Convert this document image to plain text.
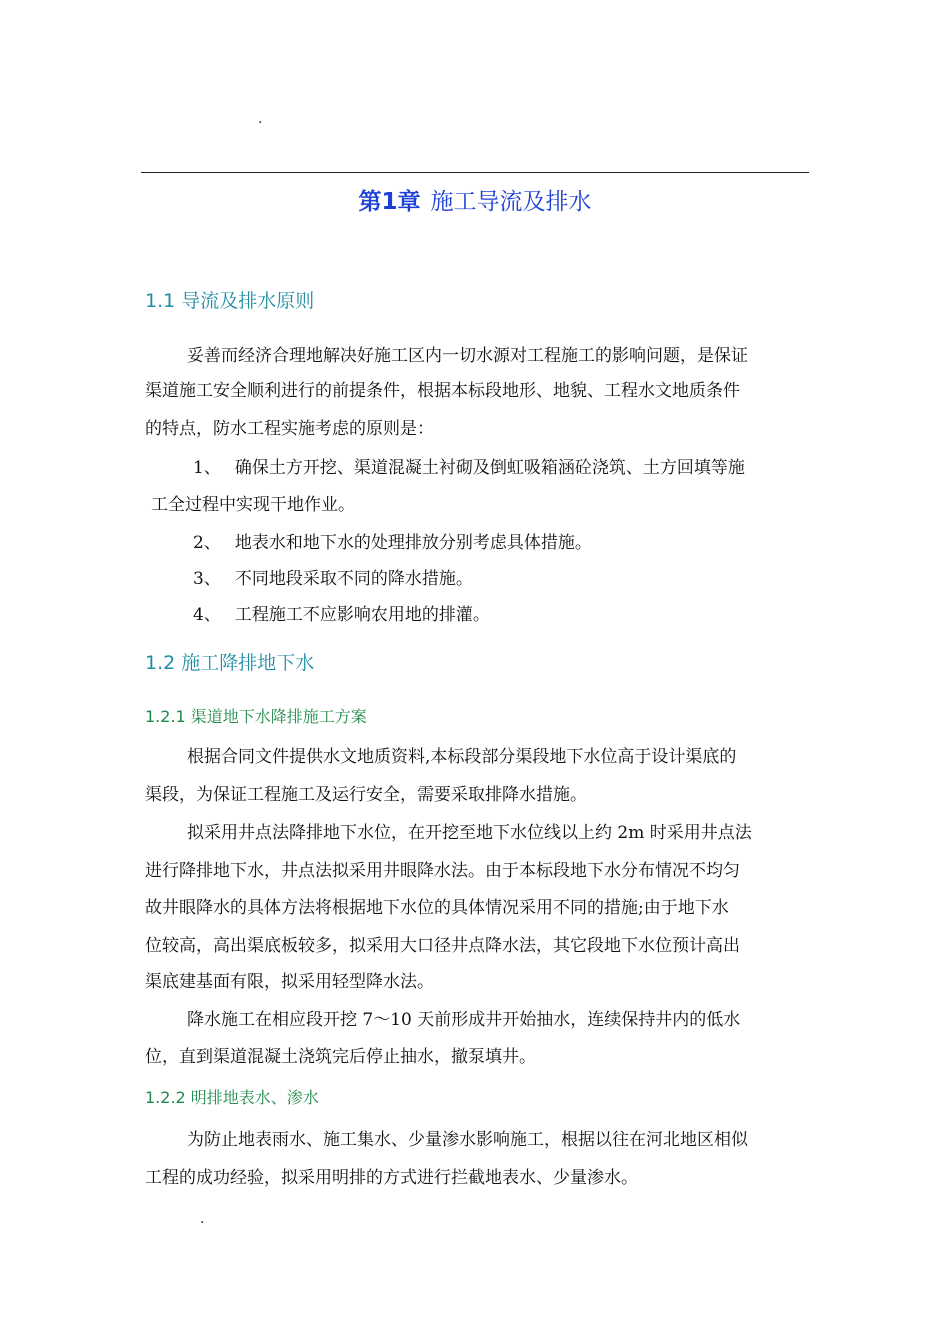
.
第1章 施工导流及排水
1.1 导流及排水原则
妥善而经济合理地解决好施工区内一切水源对工程施工的影响问题，是保证
渠道施工安全顺利进行的前提条件，根据本标段地形、地貌、工程水文地质条件
的特点，防水工程实施考虑的原则是：
1、 确保土方开挖、渠道混凝土衬砌及倒虹吸箱涵砼浇筑、土方回填等施
工全过程中实现干地作业。
2、 地表水和地下水的处理排放分别考虑具体措施。
3、 不同地段采取不同的降水措施。
4、 工程施工不应影响农用地的排灌。
1.2 施工降排地下水
1.2.1 渠道地下水降排施工方案
根据合同文件提供水文地质资料,本标段部分渠段地下水位高于设计渠底的
渠段，为保证工程施工及运行安全，需要采取排降水措施。
拟采用井点法降排地下水位，在开挖至地下水位线以上约 2m 时采用井点法
进行降排地下水，井点法拟采用井眼降水法。由于本标段地下水分布情况不均匀
故井眼降水的具体方法将根据地下水位的具体情况采用不同的措施;由于地下水
位较高，高出渠底板较多，拟采用大口径井点降水法，其它段地下水位预计高出
渠底建基面有限，拟采用轻型降水法。
降水施工在相应段开挖 7～10 天前形成井开始抽水，连续保持井内的低水
位，直到渠道混凝土浇筑完后停止抽水，撤泵填井。
1.2.2 明排地表水、渗水
为防止地表雨水、施工集水、少量渗水影响施工，根据以往在河北地区相似
工程的成功经验，拟采用明排的方式进行拦截地表水、少量渗水。
.
